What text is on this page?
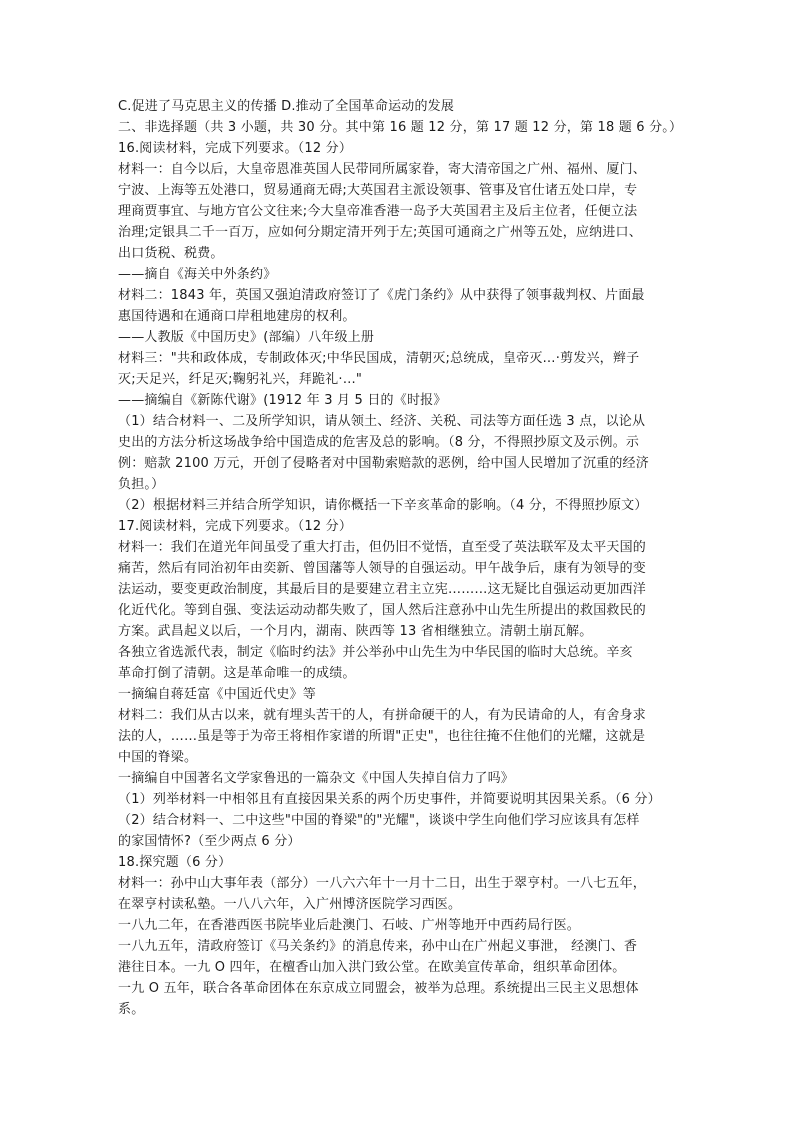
C.促进了马克思主义的传播 D.推动了全国革命运动的发展
二、非选择题（共 3 小题，共 30 分。其中第 16 题 12 分，第 17 题 12 分，第 18 题 6 分。）
16.阅读材料，完成下列要求。（12 分）
材料一：自今以后，大皇帝恩准英国人民带同所属家眷，寄大清帝国之广州、福州、厦门、
宁波、上海等五处港口，贸易通商无碍;大英国君主派设领事、管事及官仕诸五处口岸，专
理商贾事宜、与地方官公文往来;今大皇帝准香港一岛予大英国君主及后主位者，任便立法
治理;定银具二千一百万，应如何分期定清开列于左;英国可通商之广州等五处，应纳进口、
出口货税、税费。
——摘自《海关中外条约》
材料二：1843 年，英国又强迫清政府签订了《虎门条约》从中获得了领事裁判权、片面最
惠国待遇和在通商口岸租地建房的权利。
——人教版《中国历史》(部编）八年级上册
材料三："共和政体成，专制政体灭;中华民国成，清朝灭;总统成，皇帝灭…·剪发兴，辫子
灭;天足兴，纤足灭;鞠躬礼兴，拜跪礼·…"
——摘编自《新陈代谢》(1912 年 3 月 5 日的《时报》
（1）结合材料一、二及所学知识，请从领土、经济、关税、司法等方面任选 3 点，以论从
史出的方法分析这场战争给中国造成的危害及总的影响。（8 分，不得照抄原文及示例。示
例：赔款 2100 万元，开创了侵略者对中国勒索赔款的恶例，给中国人民增加了沉重的经济
负担。）
（2）根据材料三并结合所学知识，请你概括一下辛亥革命的影响。（4 分，不得照抄原文）
17.阅读材料，完成下列要求。（12 分）
材料一：我们在道光年间虽受了重大打击，但仍旧不觉悟，直至受了英法联军及太平天国的
痛苦，然后有同治初年由奕新、曾国藩等人领导的自强运动。甲午战争后，康有为领导的变
法运动，要变更政治制度，其最后目的是要建立君主立宪………这无疑比自强运动更加西洋
化近代化。等到自强、变法运动动都失败了，国人然后注意孙中山先生所提出的救国救民的
方案。武昌起义以后，一个月内，湖南、陕西等 13 省相继独立。清朝土崩瓦解。
各独立省选派代表，制定《临时约法》并公举孙中山先生为中华民国的临时大总统。辛亥
革命打倒了清朝。这是革命唯一的成绩。
一摘编自蒋廷富《中国近代史》等
材料二：我们从古以来，就有埋头苦干的人，有拼命硬干的人，有为民请命的人，有舍身求
法的人，……虽是等于为帝王将相作家谱的所谓"正史"，也往往掩不住他们的光耀，这就是
中国的脊梁。
一摘编自中国著名文学家鲁迅的一篇杂文《中国人失掉自信力了吗》
（1）列举材料一中相邻且有直接因果关系的两个历史事件，并简要说明其因果关系。（6 分）
（2）结合材料一、二中这些"中国的脊梁"的"光耀"，谈谈中学生向他们学习应该具有怎样
的家国情怀?（至少两点 6 分）
18.探究题（6 分）
材料一：孙中山大事年表（部分）一八六六年十一月十二日，出生于翠亨村。一八七五年，
在翠亨村读私塾。一八八六年，入广州博济医院学习西医。
一八九二年，在香港西医书院毕业后赴澳门、石岐、广州等地开中西药局行医。
一八九五年，清政府签订《马关条约》的消息传来，孙中山在广州起义事泄， 经澳门、香
港往日本。一九 O 四年，在檀香山加入洪门致公堂。在欧美宣传革命，组织革命团体。
一九 O 五年，联合各革命团体在东京成立同盟会，被举为总理。系统提出三民主义思想体
系。
